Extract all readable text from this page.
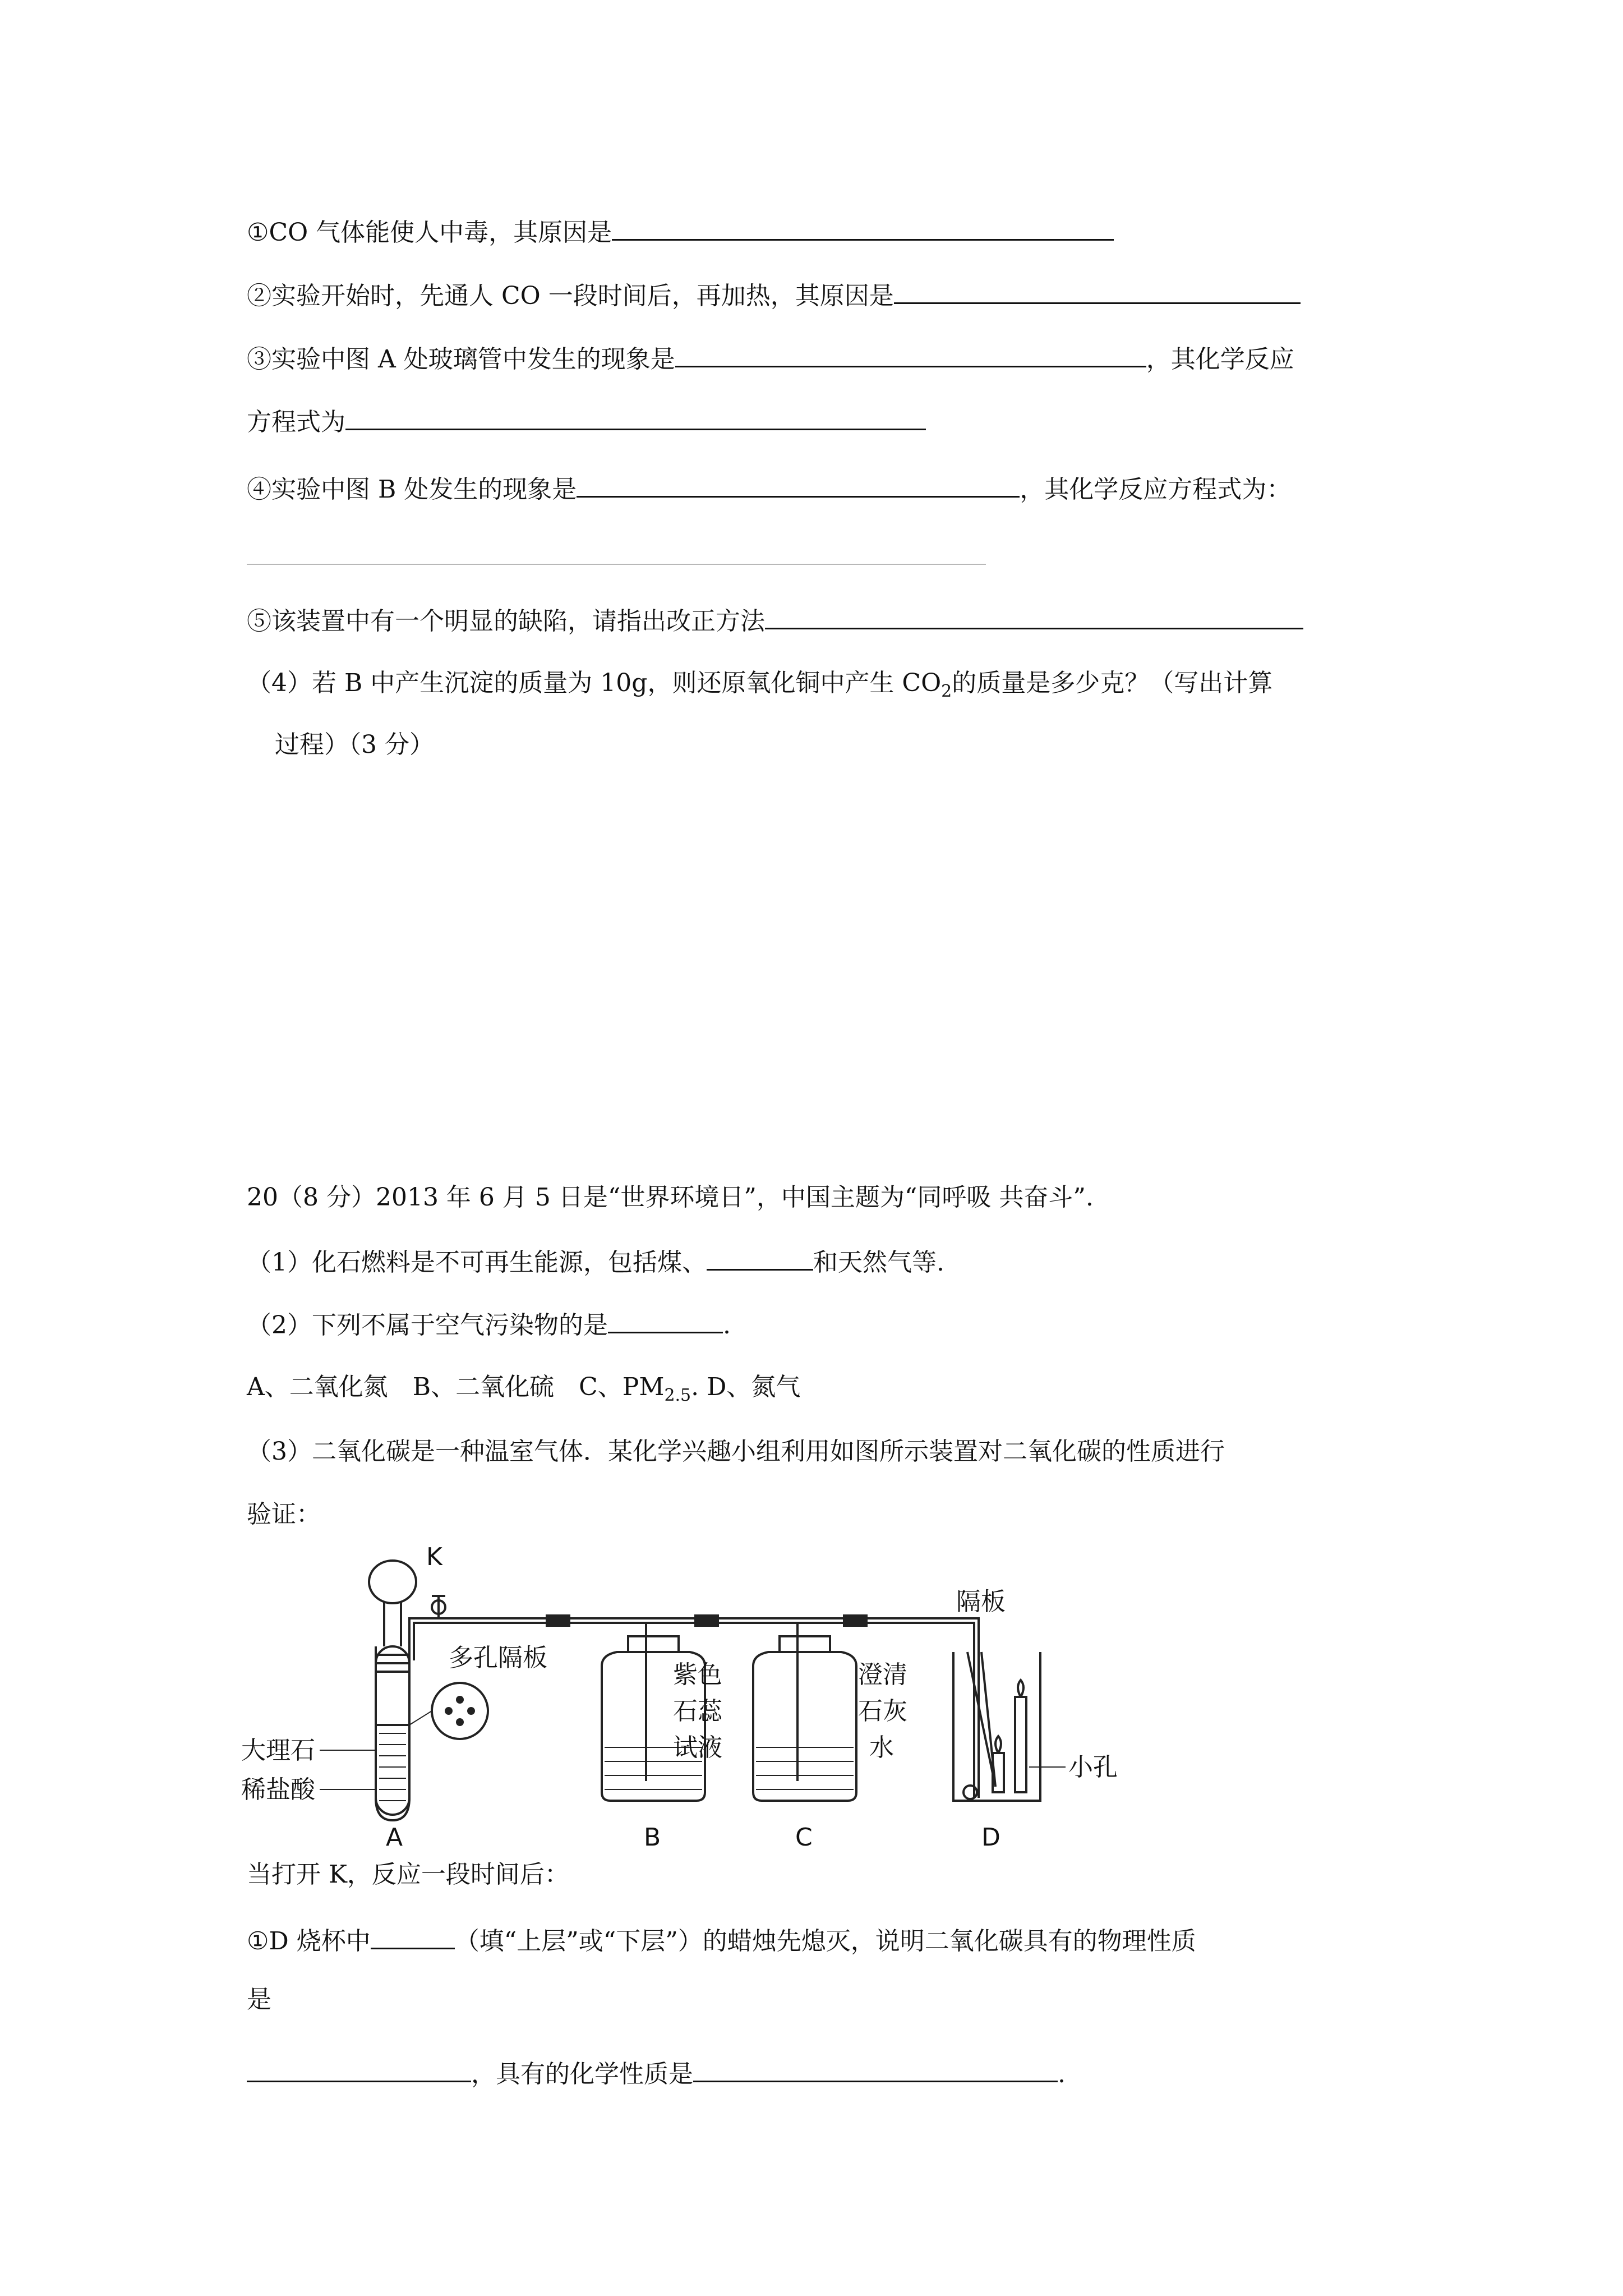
①CO 气体能使人中毒，其原因是
②实验开始时，先通人 CO 一段时间后，再加热，其原因是
③实验中图 A 处玻璃管中发生的现象是	，其化学反应
方程式为
④实验中图 B 处发生的现象是	，其化学反应方程式为：
⑤该装置中有一个明显的缺陷，请指出改正方法
（4）若 B 中产生沉淀的质量为 10g，则还原氧化铜中产生 $CO_2$的质量是多少克？（写出计算
过程）（3 分）
20（8 分）2013 年 6 月 5 日是“世界环境日”，中国主题为“同呼吸 共奋斗”.
（1）化石燃料是不可再生能源，包括煤、	和天然气等.
（2）下列不属于空气污染物的是	.
A、二氧化氮　B、二氧化硫　C、$PM_{2.5}$. D、氮气
（3）二氧化碳是一种温室气体．某化学兴趣小组利用如图所示装置对二氧化碳的性质进行
验证：
K
多孔隔板
大理石
稀盐酸
紫色
石蕊
试液
澄清
石灰
水
隔板
小孔
A	B	C	D
当打开 K，反应一段时间后：
①D 烧杯中	（填“上层”或“下层”）的蜡烛先熄灭，说明二氧化碳具有的物理性质
是
，具有的化学性质是	.
